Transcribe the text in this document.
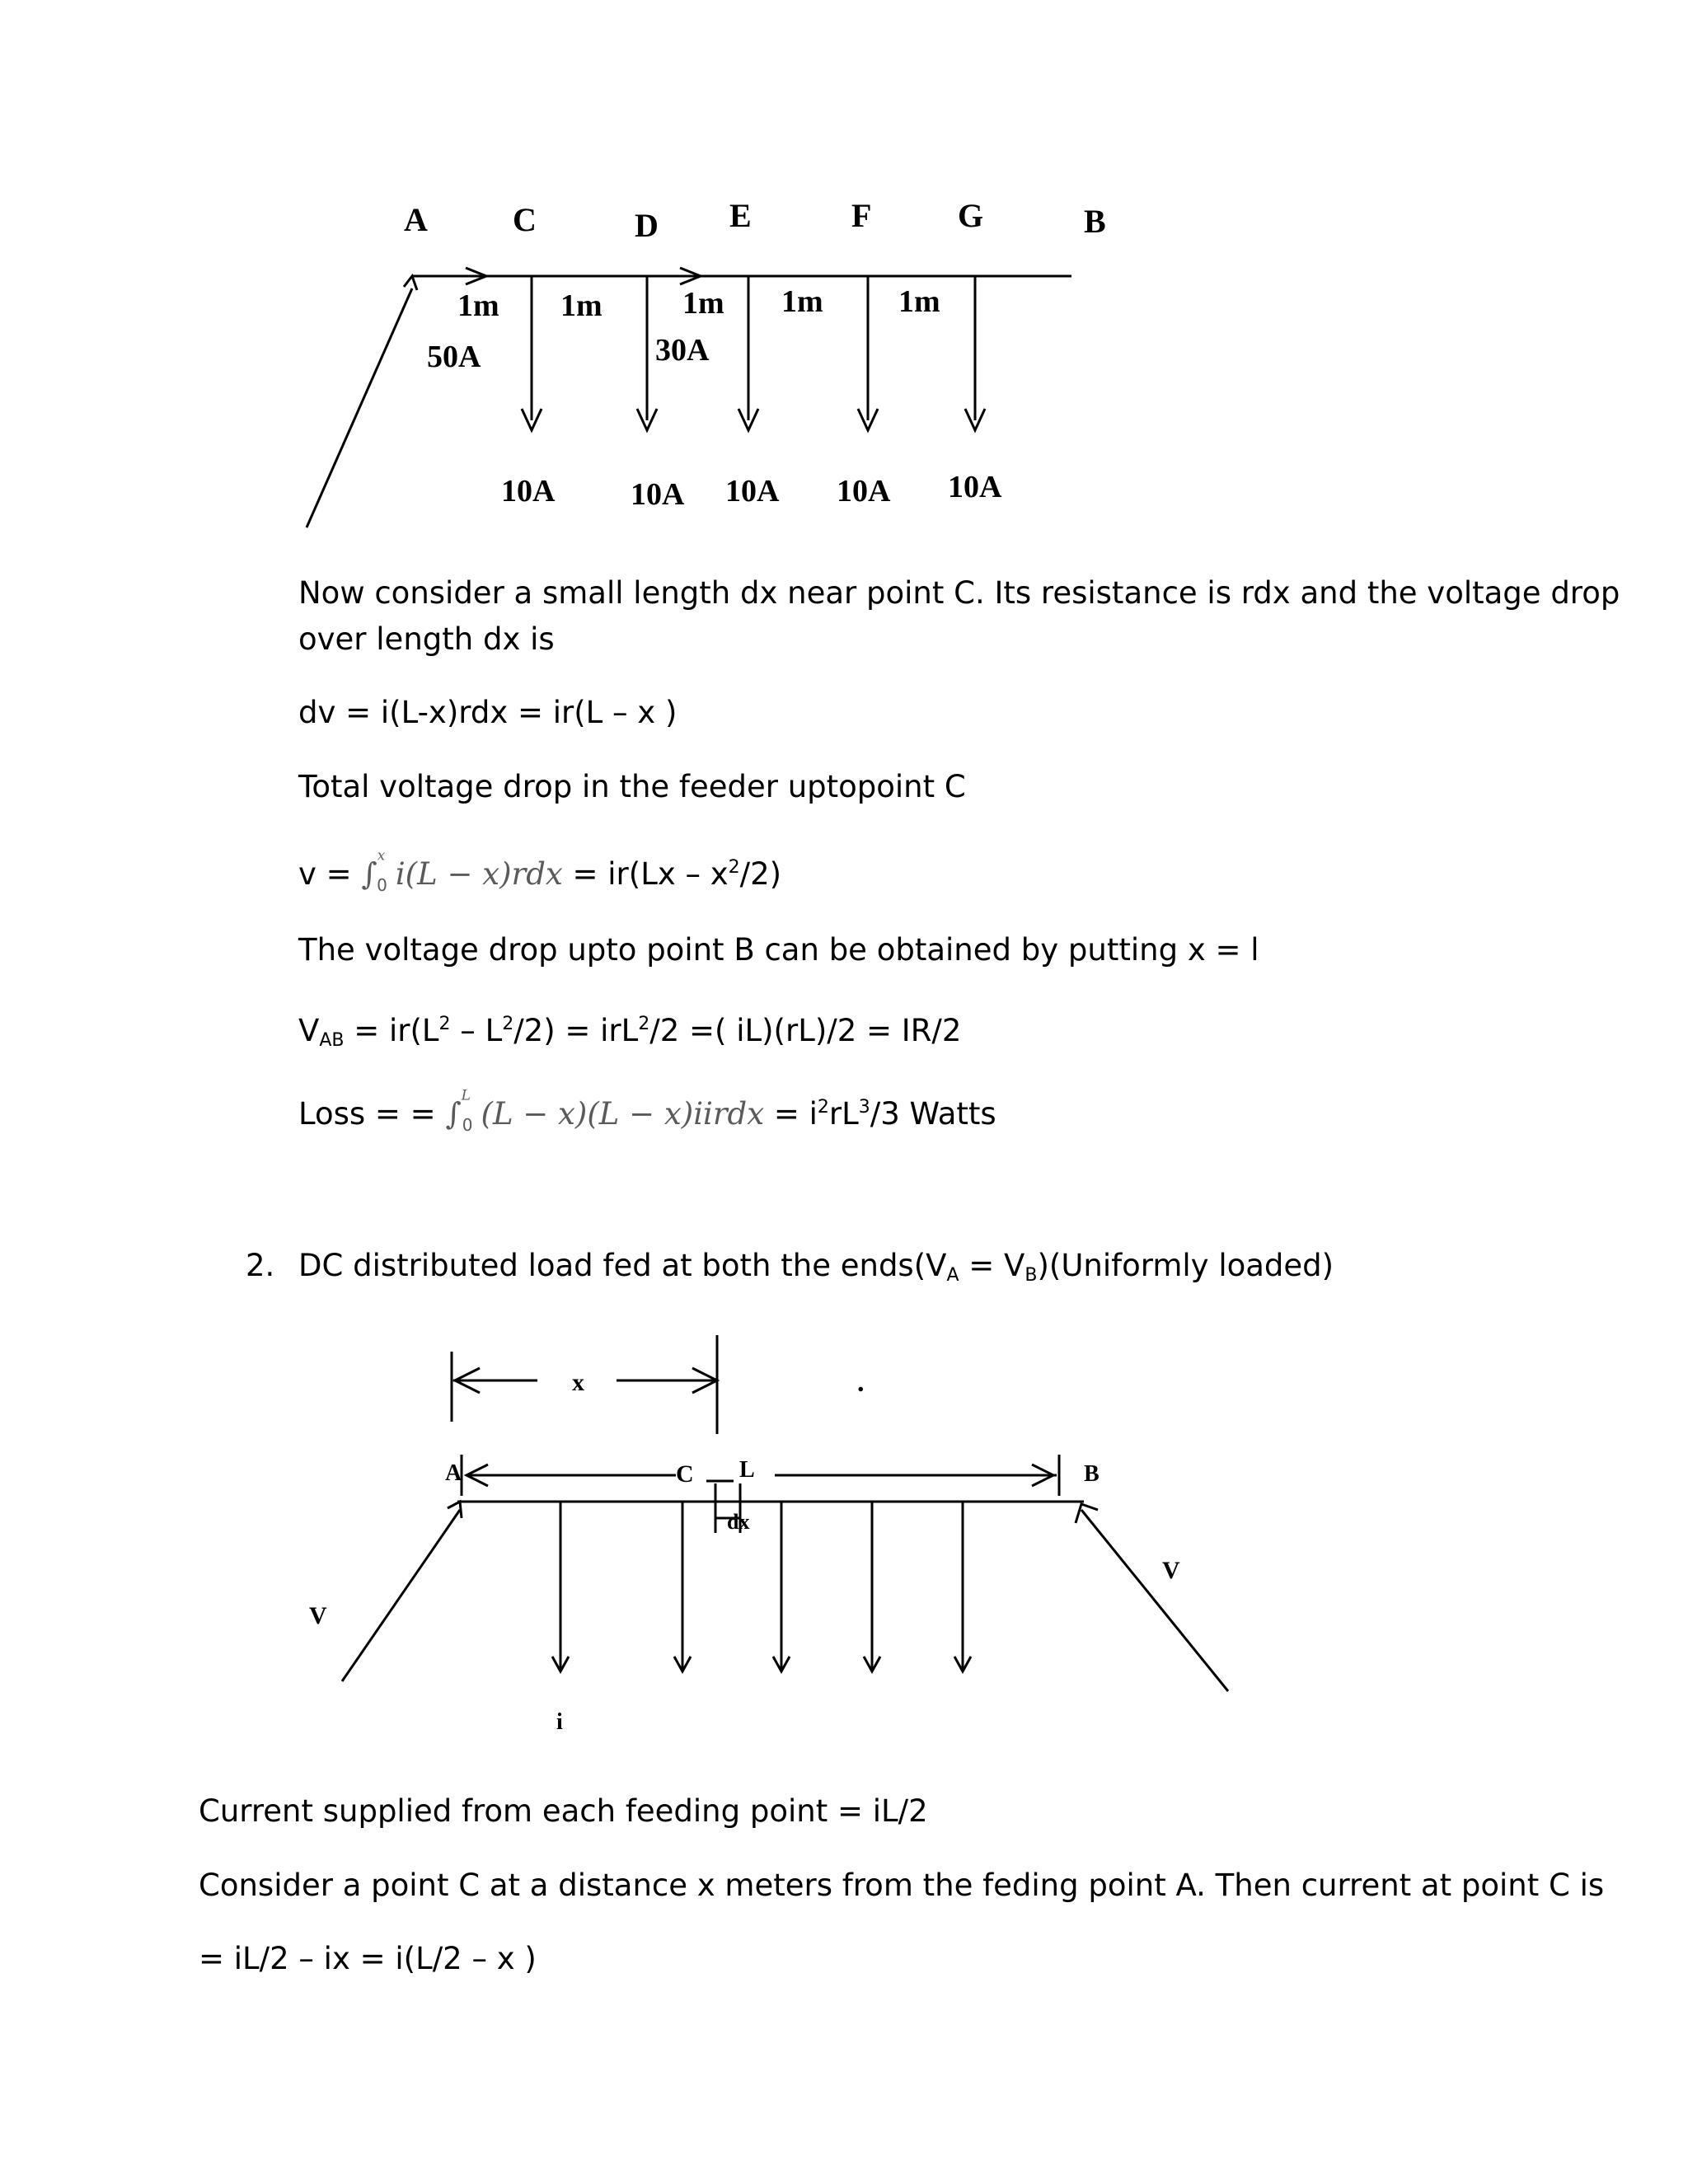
A	C	D E	F	G	B
1m 1m	1m 1m 1m
50A	30A
10A 10A 10A 10A 10A
Now consider a small length dx near point C. Its resistance is rdx and the voltage drop
over length dx is
dv = i(L-x)rdx = ir(L – x )
Total voltage drop in the feeder uptopoint C
v = ∫$^{^x}_0$ $i(L - x)rdx = ir(Lx - x^2/2)$
The voltage drop upto point B can be obtained by putting x = l
$V_{AB} = ir(L^2 - L^2/2) = irL^2/2$ =( iL)(rL)/2 = IR/2
Loss = = ∫$^{^L}_0$ (L − x)(L − x)iirdx = $i^2rL^3/3$ Watts
2. DC distributed load fed at both the $ends(V_A$ = $V_B)(Uniformly$ loaded)
x	.
A	C L	B
dx
V
V
i
Current supplied from each feeding point = iL/2
Consider a point C at a distance x meters from the feding point A. Then current at point C is
= iL/2 – ix = i(L/2 – x )
